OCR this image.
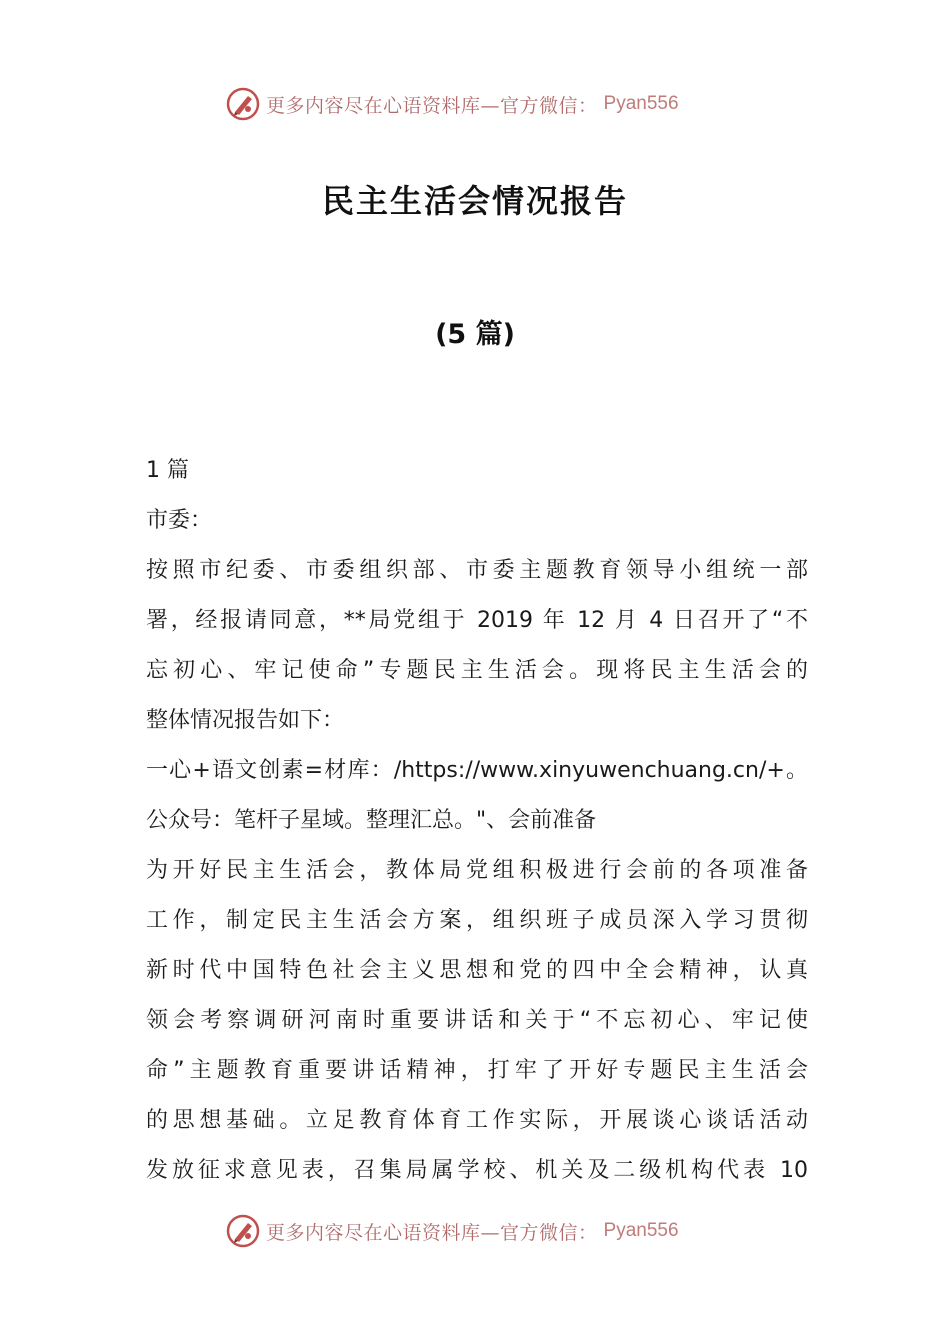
更多内容尽在心语资料库—官方微信： Pyan556
民主生活会情况报告
(5 篇)
1 篇
市委：
按照市纪委、市委组织部、市委主题教育领导小组统一部
署，经报请同意，**局党组于 2019 年 12 月 4 日召开了“不
忘初心、牢记使命”专题民主生活会。现将民主生活会的
整体情况报告如下：
一心+语文创素=材库：/https://www.xinyuwenchuang.cn/+。
公众号：笔杆子星域。整理汇总。"、会前准备
为开好民主生活会，教体局党组积极进行会前的各项准备
工作，制定民主生活会方案，组织班子成员深入学习贯彻
新时代中国特色社会主义思想和党的四中全会精神，认真
领会考察调研河南时重要讲话和关于“不忘初心、牢记使
命”主题教育重要讲话精神，打牢了开好专题民主生活会
的思想基础。立足教育体育工作实际，开展谈心谈话活动
发放征求意见表，召集局属学校、机关及二级机构代表 10
更多内容尽在心语资料库—官方微信： Pyan556
